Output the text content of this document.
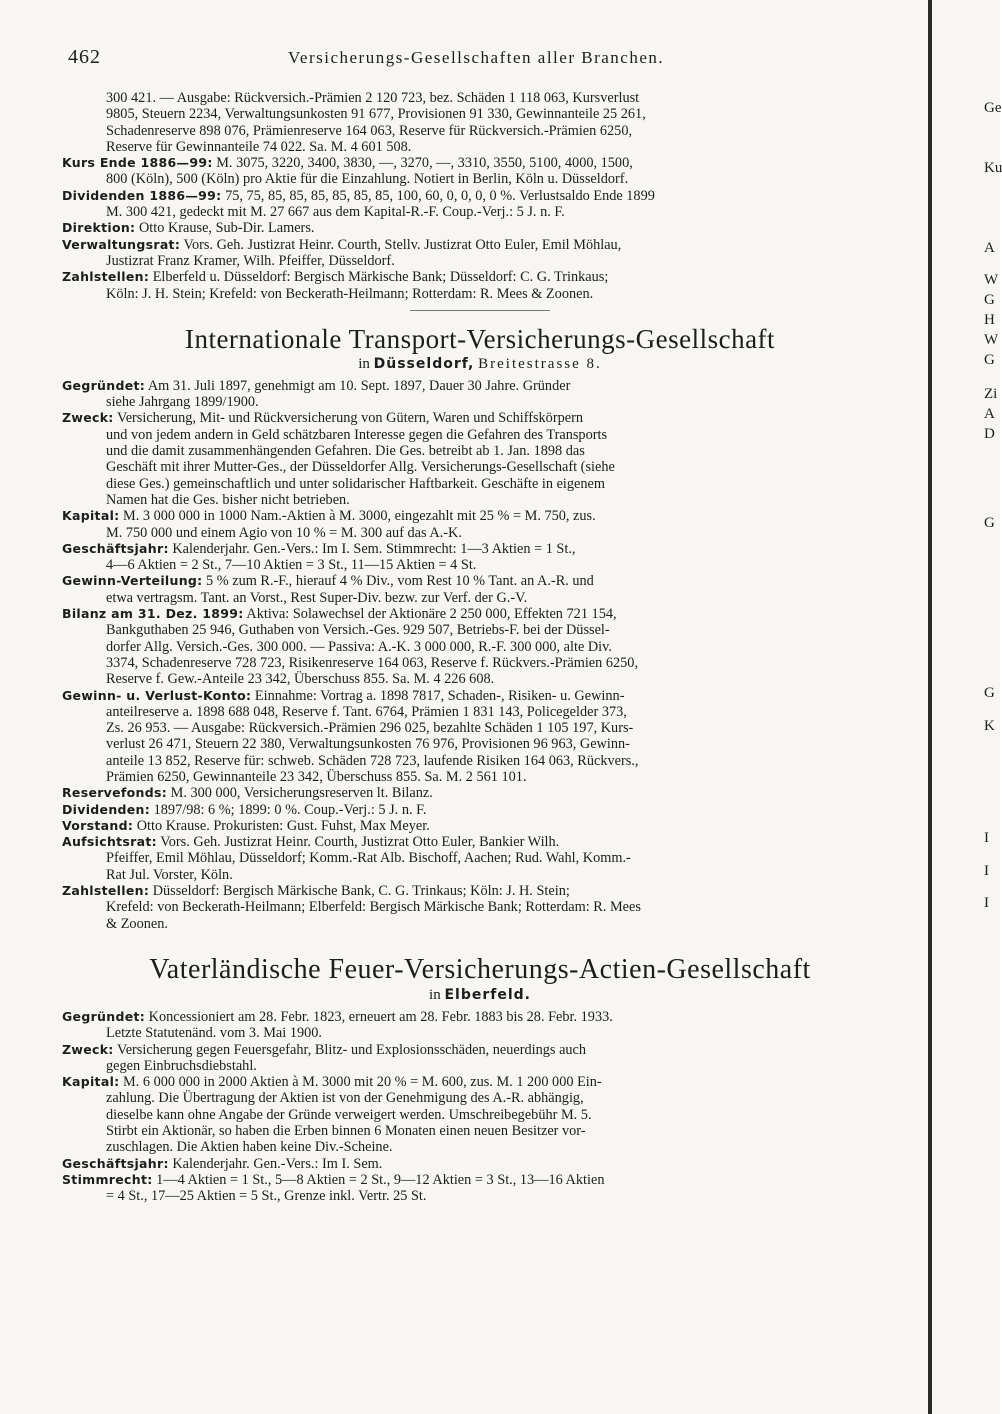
462	Versicherungs-Gesellschaften aller Branchen.
300 421. — Ausgabe: Rückversich.-Prämien 2 120 723, bez. Schäden 1 118 063, Kursverlust
9805, Steuern 2234, Verwaltungsunkosten 91 677, Provisionen 91 330, Gewinnanteile 25 261,
Schadenreserve 898 076, Prämienreserve 164 063, Reserve für Rückversich.-Prämien 6250,
Reserve für Gewinnanteile 74 022. Sa. M. 4 601 508.
Kurs Ende 1886—99: M. 3075, 3220, 3400, 3830, —, 3270, —, 3310, 3550, 5100, 4000, 1500,
800 (Köln), 500 (Köln) pro Aktie für die Einzahlung. Notiert in Berlin, Köln u. Düsseldorf.
Dividenden 1886—99: 75, 75, 85, 85, 85, 85, 85, 85, 100, 60, 0, 0, 0, 0 %. Verlustsaldo Ende 1899
M. 300 421, gedeckt mit M. 27 667 aus dem Kapital-R.-F. Coup.-Verj.: 5 J. n. F.
Direktion: Otto Krause, Sub-Dir. Lamers.
Verwaltungsrat: Vors. Geh. Justizrat Heinr. Courth, Stellv. Justizrat Otto Euler, Emil Möhlau,
Justizrat Franz Kramer, Wilh. Pfeiffer, Düsseldorf.
Zahlstellen: Elberfeld u. Düsseldorf: Bergisch Märkische Bank; Düsseldorf: C. G. Trinkaus;
Köln: J. H. Stein; Krefeld: von Beckerath-Heilmann; Rotterdam: R. Mees & Zoonen.
Internationale Transport-Versicherungs-Gesellschaft
in Düsseldorf, Breitestrasse 8.
Gegründet: Am 31. Juli 1897, genehmigt am 10. Sept. 1897, Dauer 30 Jahre. Gründer
siehe Jahrgang 1899/1900.
Zweck: Versicherung, Mit- und Rückversicherung von Gütern, Waren und Schiffskörpern
und von jedem andern in Geld schätzbaren Interesse gegen die Gefahren des Transports
und die damit zusammenhängenden Gefahren. Die Ges. betreibt ab 1. Jan. 1898 das
Geschäft mit ihrer Mutter-Ges., der Düsseldorfer Allg. Versicherungs-Gesellschaft (siehe
diese Ges.) gemeinschaftlich und unter solidarischer Haftbarkeit. Geschäfte in eigenem
Namen hat die Ges. bisher nicht betrieben.
Kapital: M. 3 000 000 in 1000 Nam.-Aktien à M. 3000, eingezahlt mit 25 % = M. 750, zus.
M. 750 000 und einem Agio von 10 % = M. 300 auf das A.-K.
Geschäftsjahr: Kalenderjahr. Gen.-Vers.: Im I. Sem. Stimmrecht: 1—3 Aktien = 1 St.,
4—6 Aktien = 2 St., 7—10 Aktien = 3 St., 11—15 Aktien = 4 St.
Gewinn-Verteilung: 5 % zum R.-F., hierauf 4 % Div., vom Rest 10 % Tant. an A.-R. und
etwa vertragsm. Tant. an Vorst., Rest Super-Div. bezw. zur Verf. der G.-V.
Bilanz am 31. Dez. 1899: Aktiva: Solawechsel der Aktionäre 2 250 000, Effekten 721 154,
Bankguthaben 25 946, Guthaben von Versich.-Ges. 929 507, Betriebs-F. bei der Düssel-
dorfer Allg. Versich.-Ges. 300 000. — Passiva: A.-K. 3 000 000, R.-F. 300 000, alte Div.
3374, Schadenreserve 728 723, Risikenreserve 164 063, Reserve f. Rückvers.-Prämien 6250,
Reserve f. Gew.-Anteile 23 342, Überschuss 855. Sa. M. 4 226 608.
Gewinn- u. Verlust-Konto: Einnahme: Vortrag a. 1898 7817, Schaden-, Risiken- u. Gewinn-
anteilreserve a. 1898 688 048, Reserve f. Tant. 6764, Prämien 1 831 143, Policegelder 373,
Zs. 26 953. — Ausgabe: Rückversich.-Prämien 296 025, bezahlte Schäden 1 105 197, Kurs-
verlust 26 471, Steuern 22 380, Verwaltungsunkosten 76 976, Provisionen 96 963, Gewinn-
anteile 13 852, Reserve für: schweb. Schäden 728 723, laufende Risiken 164 063, Rückvers.,
Prämien 6250, Gewinnanteile 23 342, Überschuss 855. Sa. M. 2 561 101.
Reservefonds: M. 300 000, Versicherungsreserven lt. Bilanz.
Dividenden: 1897/98: 6 %; 1899: 0 %. Coup.-Verj.: 5 J. n. F.
Vorstand: Otto Krause. Prokuristen: Gust. Fuhst, Max Meyer.
Aufsichtsrat: Vors. Geh. Justizrat Heinr. Courth, Justizrat Otto Euler, Bankier Wilh.
Pfeiffer, Emil Möhlau, Düsseldorf; Komm.-Rat Alb. Bischoff, Aachen; Rud. Wahl, Komm.-
Rat Jul. Vorster, Köln.
Zahlstellen: Düsseldorf: Bergisch Märkische Bank, C. G. Trinkaus; Köln: J. H. Stein;
Krefeld: von Beckerath-Heilmann; Elberfeld: Bergisch Märkische Bank; Rotterdam: R. Mees
& Zoonen.
Vaterländische Feuer-Versicherungs-Actien-Gesellschaft
in Elberfeld.
Gegründet: Koncessioniert am 28. Febr. 1823, erneuert am 28. Febr. 1883 bis 28. Febr. 1933.
Letzte Statutenänd. vom 3. Mai 1900.
Zweck: Versicherung gegen Feuersgefahr, Blitz- und Explosionsschäden, neuerdings auch
gegen Einbruchsdiebstahl.
Kapital: M. 6 000 000 in 2000 Aktien à M. 3000 mit 20 % = M. 600, zus. M. 1 200 000 Ein-
zahlung. Die Übertragung der Aktien ist von der Genehmigung des A.-R. abhängig,
dieselbe kann ohne Angabe der Gründe verweigert werden. Umschreibegebühr M. 5.
Stirbt ein Aktionär, so haben die Erben binnen 6 Monaten einen neuen Besitzer vor-
zuschlagen. Die Aktien haben keine Div.-Scheine.
Geschäftsjahr: Kalenderjahr. Gen.-Vers.: Im I. Sem.
Stimmrecht: 1—4 Aktien = 1 St., 5—8 Aktien = 2 St., 9—12 Aktien = 3 St., 13—16 Aktien
= 4 St., 17—25 Aktien = 5 St., Grenze inkl. Vertr. 25 St.
Ge
Ku
A
W
G
H
W
G
Zi
A
D
G
G
K
I
I
I
